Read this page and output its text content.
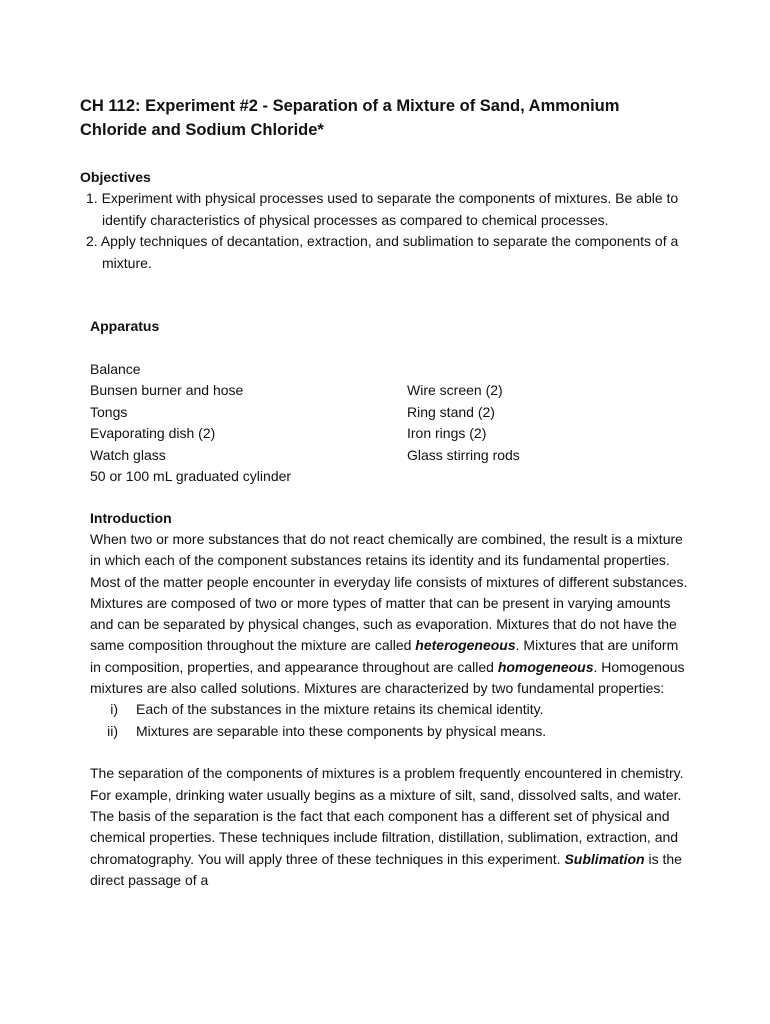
CH 112: Experiment #2 - Separation of a Mixture of Sand, Ammonium Chloride and Sodium Chloride*

Objectives

1. Experiment with physical processes used to separate the components of mixtures. Be able to identify characteristics of physical processes as compared to chemical processes.

2. Apply techniques of decantation, extraction, and sublimation to separate the components of a mixture.

Apparatus

Balance

Bunsen burner and hose

Tongs

Evaporating dish (2)

Watch glass

50 or 100 mL graduated cylinder

Wire screen (2)

Ring stand (2)

Iron rings (2)

Glass stirring rods

Introduction

When two or more substances that do not react chemically are combined, the result is a mixture in which each of the component substances retains its identity and its fundamental properties. Most of the matter people encounter in everyday life consists of mixtures of different substances. Mixtures are composed of two or more types of matter that can be present in varying amounts and can be separated by physical changes, such as evaporation. Mixtures that do not have the same composition throughout the mixture are called heterogeneous. Mixtures that are uniform in composition, properties, and appearance throughout are called homogeneous. Homogenous mixtures are also called solutions. Mixtures are characterized by two fundamental properties:

i) Each of the substances in the mixture retains its chemical identity.
ii) Mixtures are separable into these components by physical means.

The separation of the components of mixtures is a problem frequently encountered in chemistry. For example, drinking water usually begins as a mixture of silt, sand, dissolved salts, and water. The basis of the separation is the fact that each component has a different set of physical and chemical properties. These techniques include filtration, distillation, sublimation, extraction, and chromatography. You will apply three of these techniques in this experiment. Sublimation is the direct passage of a
